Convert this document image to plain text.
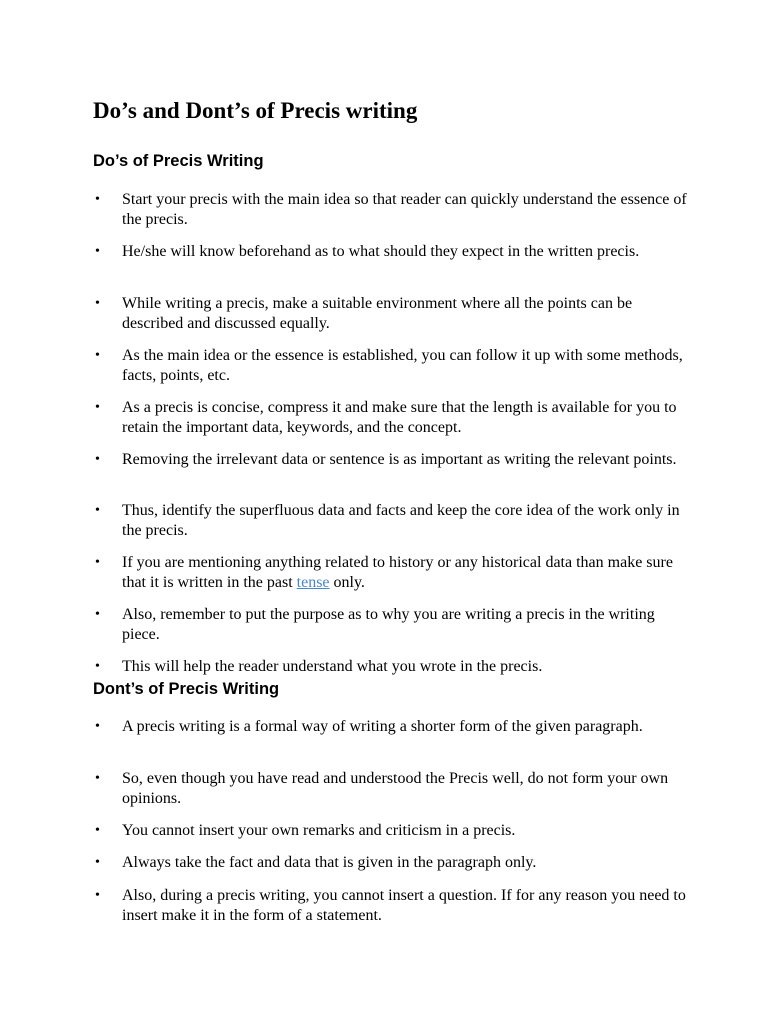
Do’s and Dont’s of Precis writing
Do’s of Precis Writing
•	Start your precis with the main idea so that reader can quickly understand the essence of the precis.
•	He/she will know beforehand as to what should they expect in the written precis.
•	While writing a precis, make a suitable environment where all the points can be described and discussed equally.
•	As the main idea or the essence is established, you can follow it up with some methods, facts, points, etc.
•	As a precis is concise, compress it and make sure that the length is available for you to retain the important data, keywords, and the concept.
•	Removing the irrelevant data or sentence is as important as writing the relevant points.
•	Thus, identify the superfluous data and facts and keep the core idea of the work only in the precis.
•	If you are mentioning anything related to history or any historical data than make sure that it is written in the past tense only.
•	Also, remember to put the purpose as to why you are writing a precis in the writing piece.
•	This will help the reader understand what you wrote in the precis.
Dont’s of Precis Writing
•	A precis writing is a formal way of writing a shorter form of the given paragraph.
•	So, even though you have read and understood the Precis well, do not form your own opinions.
•	You cannot insert your own remarks and criticism in a precis.
•	Always take the fact and data that is given in the paragraph only.
•	Also, during a precis writing, you cannot insert a question. If for any reason you need to insert make it in the form of a statement.
